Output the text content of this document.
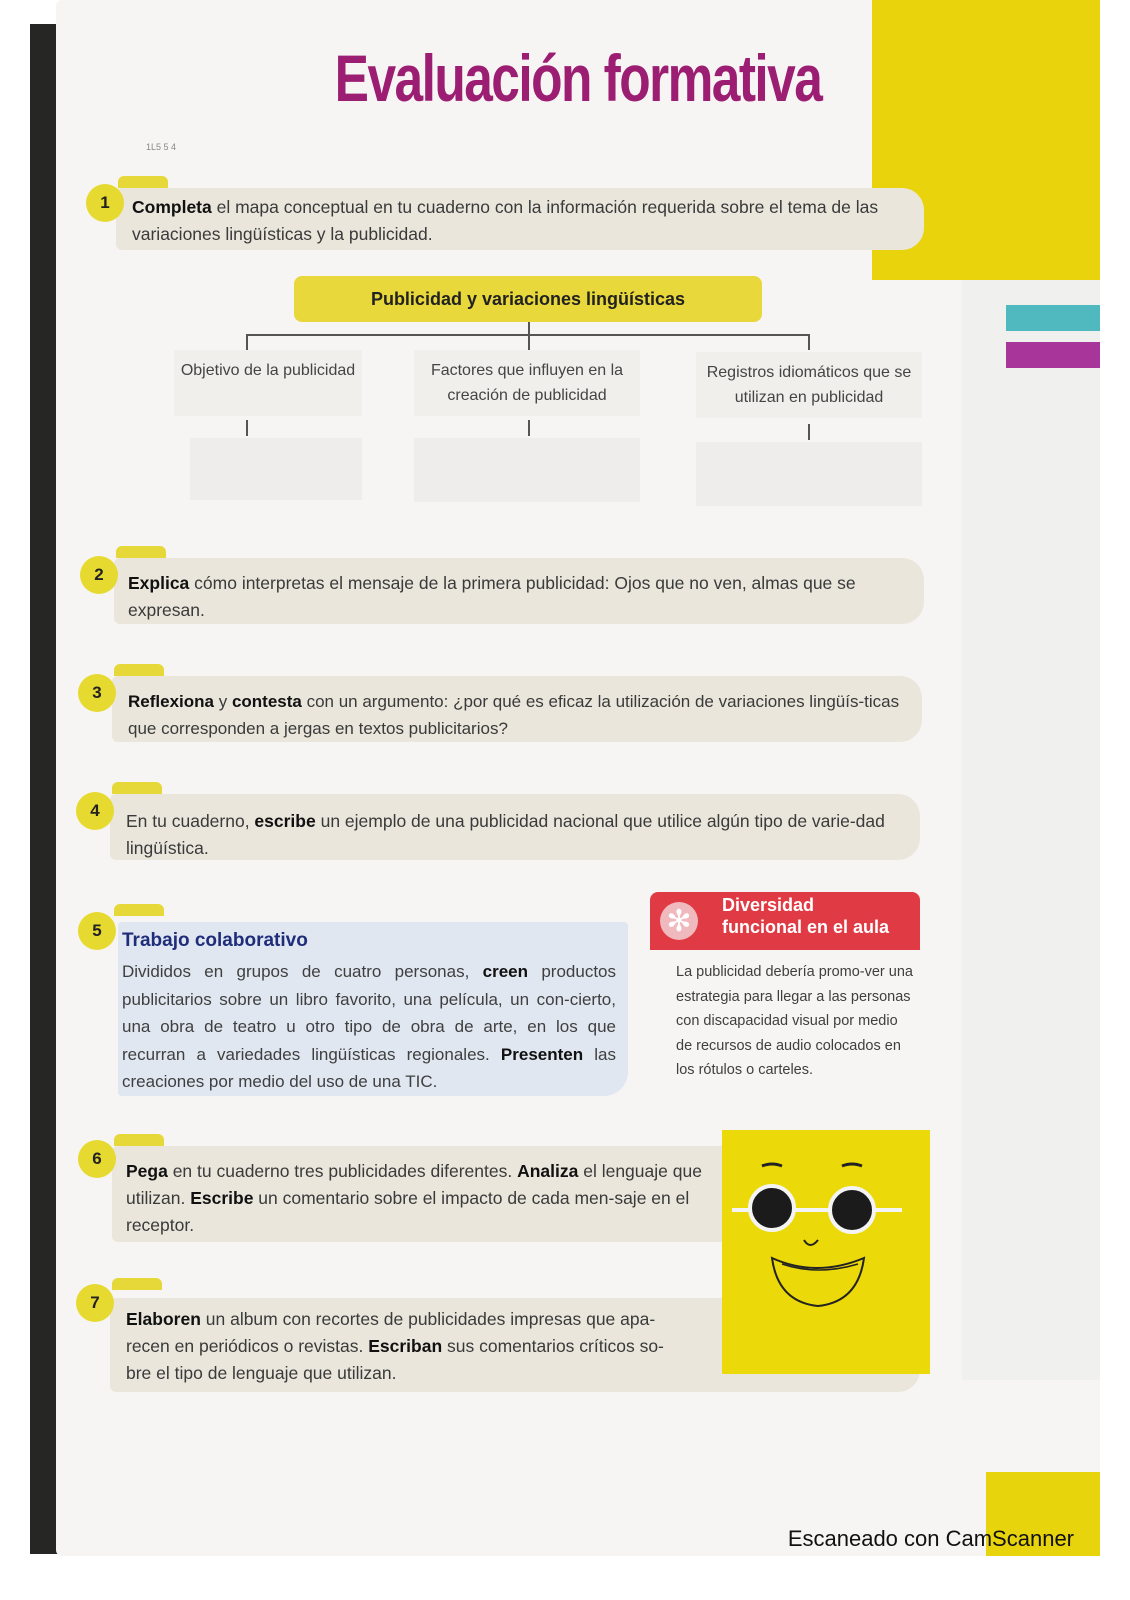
Evaluación formativa
1L5 5 4
1	Completa el mapa conceptual en tu cuaderno con la información requerida sobre el tema de las variaciones lingüísticas y la publicidad.
Publicidad y variaciones lingüísticas
Objetivo de la publicidad	Factores que influyen en la creación de publicidad
Registros idiomáticos que se utilizan en publicidad
2	Explica cómo interpretas el mensaje de la primera publicidad: Ojos que no ven, almas que se expresan.
3	Reflexiona y contesta con un argumento: ¿por qué es eficaz la utilización de variaciones lingüís-ticas que corresponden a jergas en textos publicitarios?
4
En tu cuaderno, escribe un ejemplo de una publicidad nacional que utilice algún tipo de varie-dad lingüística.
5	Trabajo colaborativo
Divididos en grupos de cuatro personas, creen productos publicitarios sobre un libro favorito, una película, un con-cierto, una obra de teatro u otro tipo de obra de arte, en los que recurran a variedades lingüísticas regionales. Presenten las creaciones por medio del uso de una TIC.
✻	Diversidad
funcional en el aula
La publicidad debería promo-ver una estrategia para llegar a las personas con discapacidad visual por medio de recursos de audio colocados en los rótulos o carteles.
6
Pega en tu cuaderno tres publicidades diferentes. Analiza el lenguaje que utilizan. Escribe un comentario sobre el impacto de cada men-saje en el receptor.
7
Elaboren un album con recortes de publicidades impresas que apa-recen en periódicos o revistas. Escriban sus comentarios críticos so-bre el tipo de lenguaje que utilizan.
Escaneado con CamScanner
